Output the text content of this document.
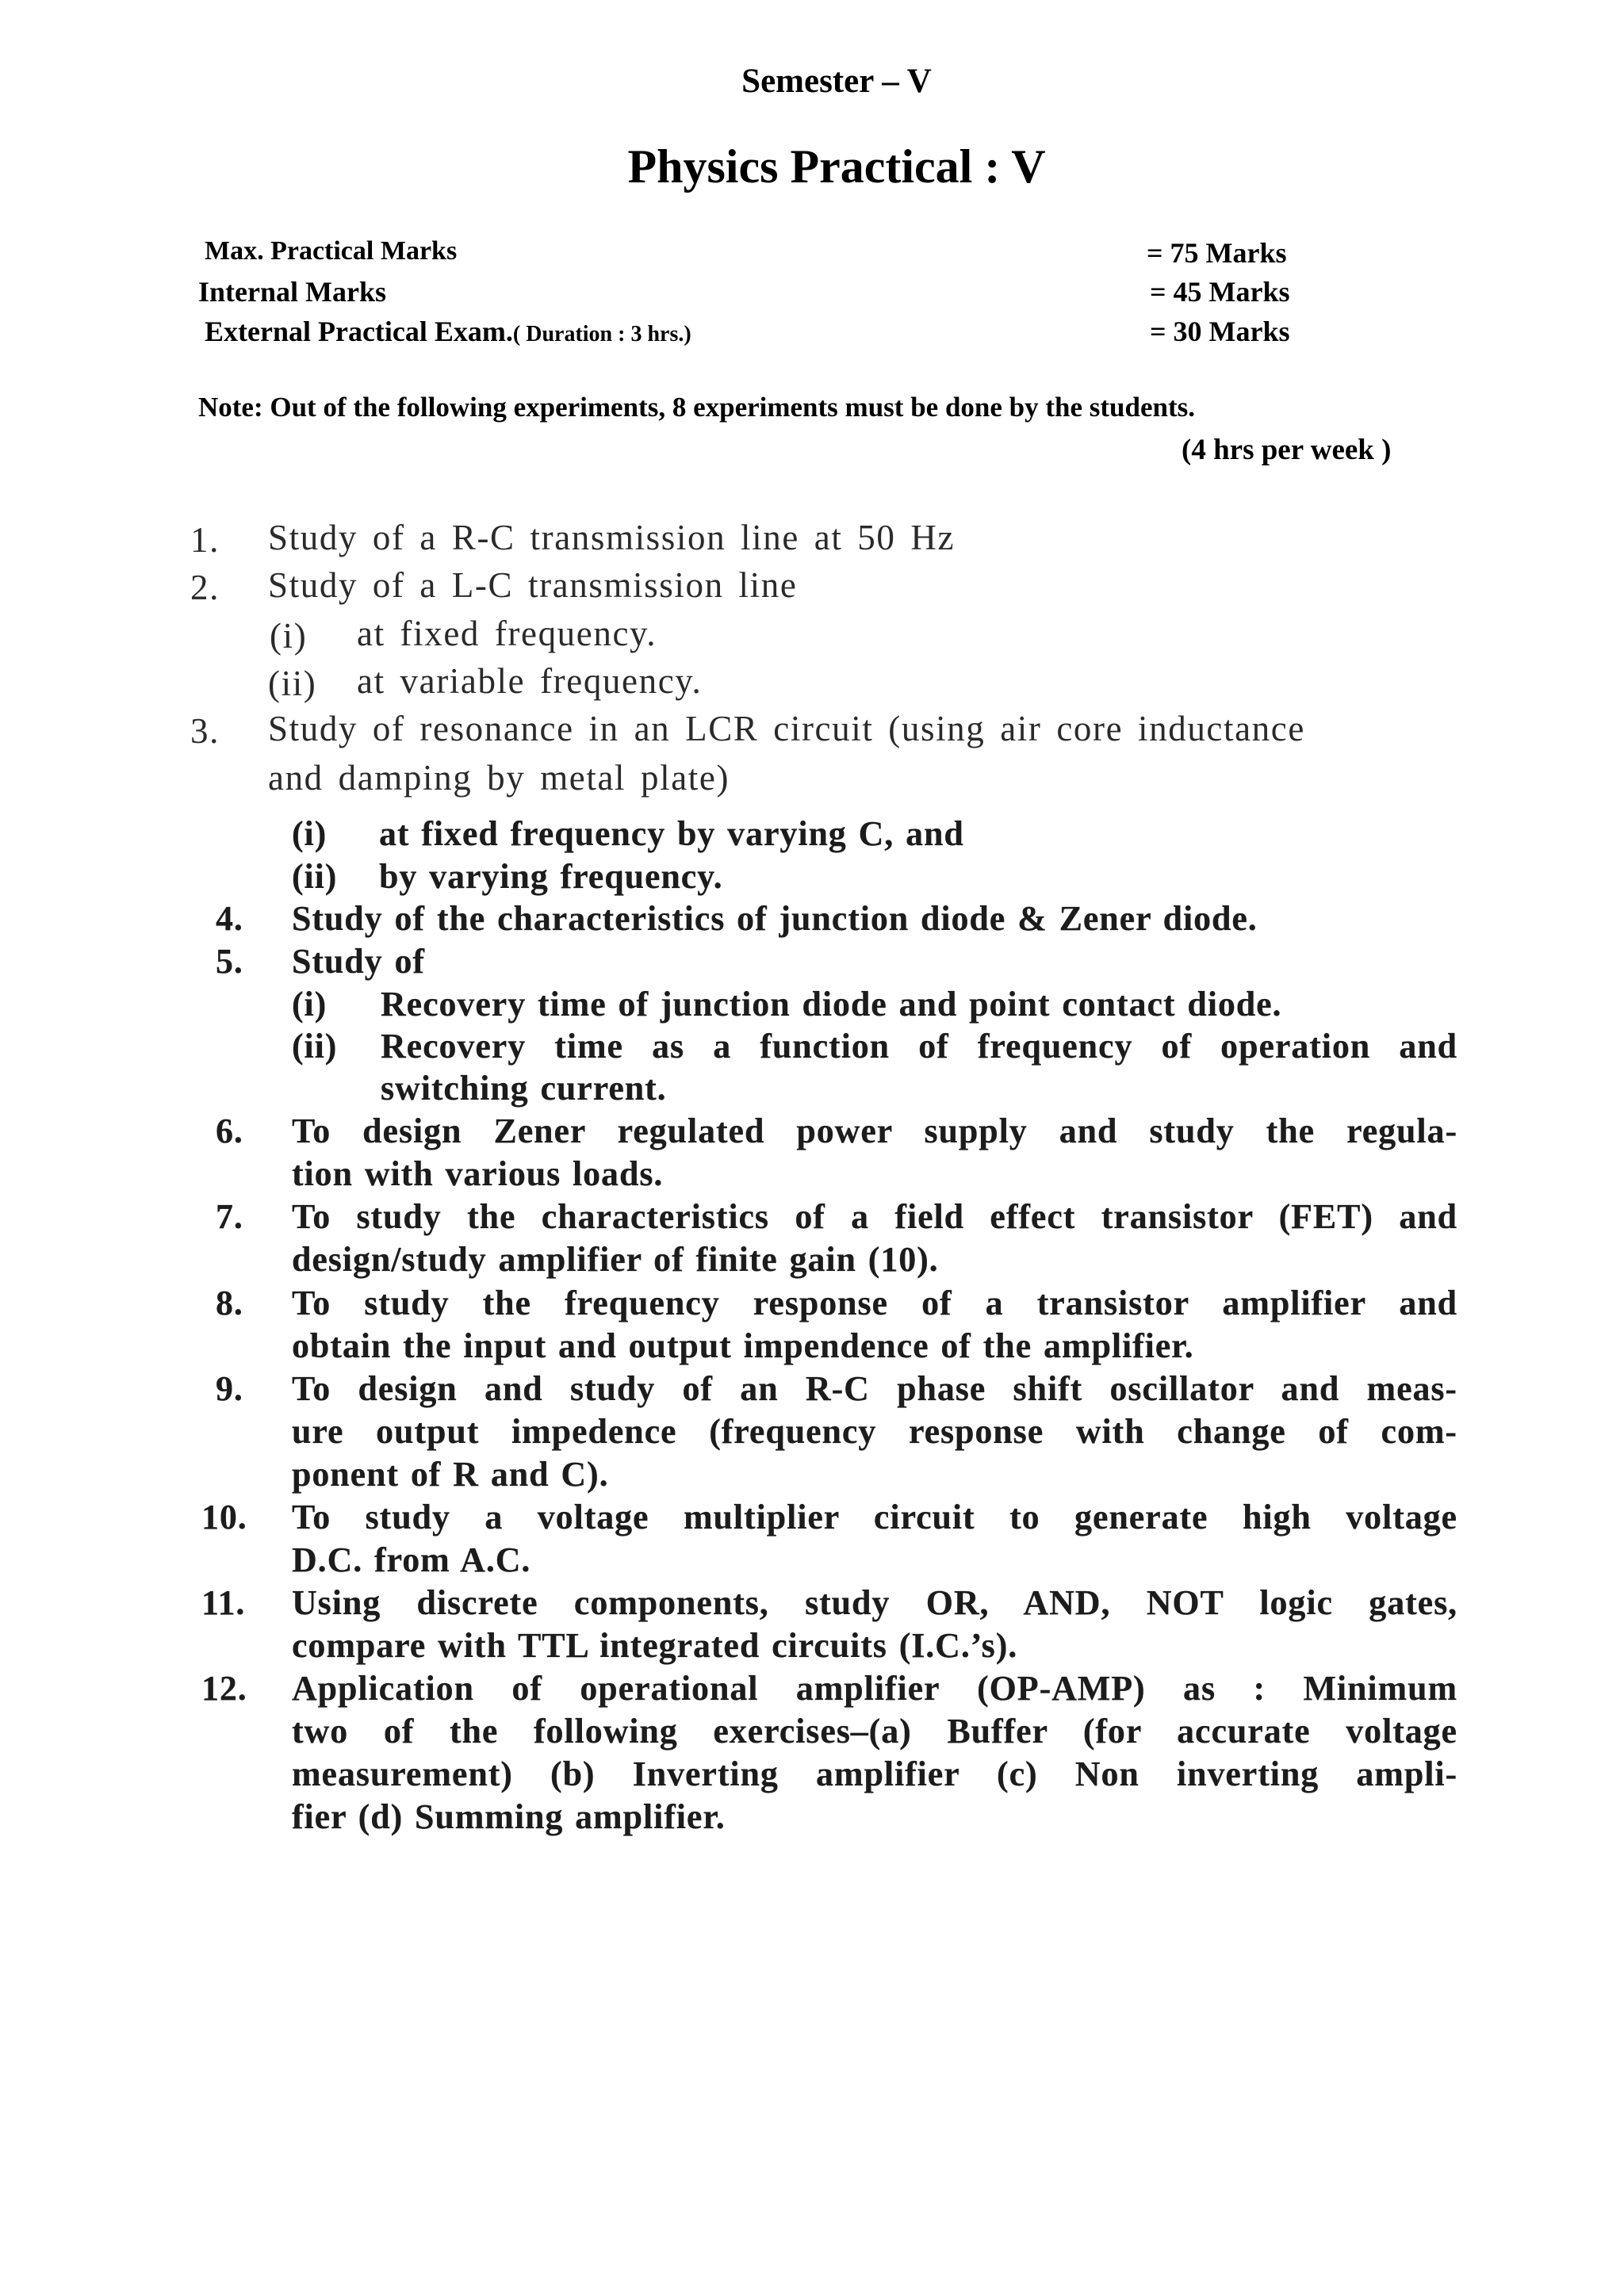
Semester – V
Physics Practical : V
Max. Practical Marks	= 75 Marks
Internal Marks	= 45 Marks
External Practical Exam.( Duration : 3 hrs.)	= 30 Marks
Note: Out of the following experiments, 8 experiments must be done by the students.
(4 hrs per week )
1. Study of a R-C transmission line at 50 Hz
2. Study of a L-C transmission line
(i) at fixed frequency.
(ii) at variable frequency.
3. Study of resonance in an LCR circuit (using air core inductance
and damping by metal plate)
(i) at fixed frequency by varying C, and
(ii) by varying frequency.
4. Study of the characteristics of junction diode & Zener diode.
5. Study of
(i) Recovery time of junction diode and point contact diode.
(ii) Recovery time as a function of frequency of operation and
switching current.
6. To design Zener regulated power supply and study the regula-
tion with various loads.
7. To study the characteristics of a field effect transistor (FET) and
design/study amplifier of finite gain (10).
8. To study the frequency response of a transistor amplifier and
obtain the input and output impendence of the amplifier.
9. To design and study of an R-C phase shift oscillator and meas-
ure output impedence (frequency response with change of com-
ponent of R and C).
10. To study a voltage multiplier circuit to generate high voltage
D.C. from A.C.
11. Using discrete components, study OR, AND, NOT logic gates,
compare with TTL integrated circuits (I.C.’s).
12. Application of operational amplifier (OP-AMP) as : Minimum
two of the following exercises–(a) Buffer (for accurate voltage
measurement) (b) Inverting amplifier (c) Non inverting ampli-
fier (d) Summing amplifier.
